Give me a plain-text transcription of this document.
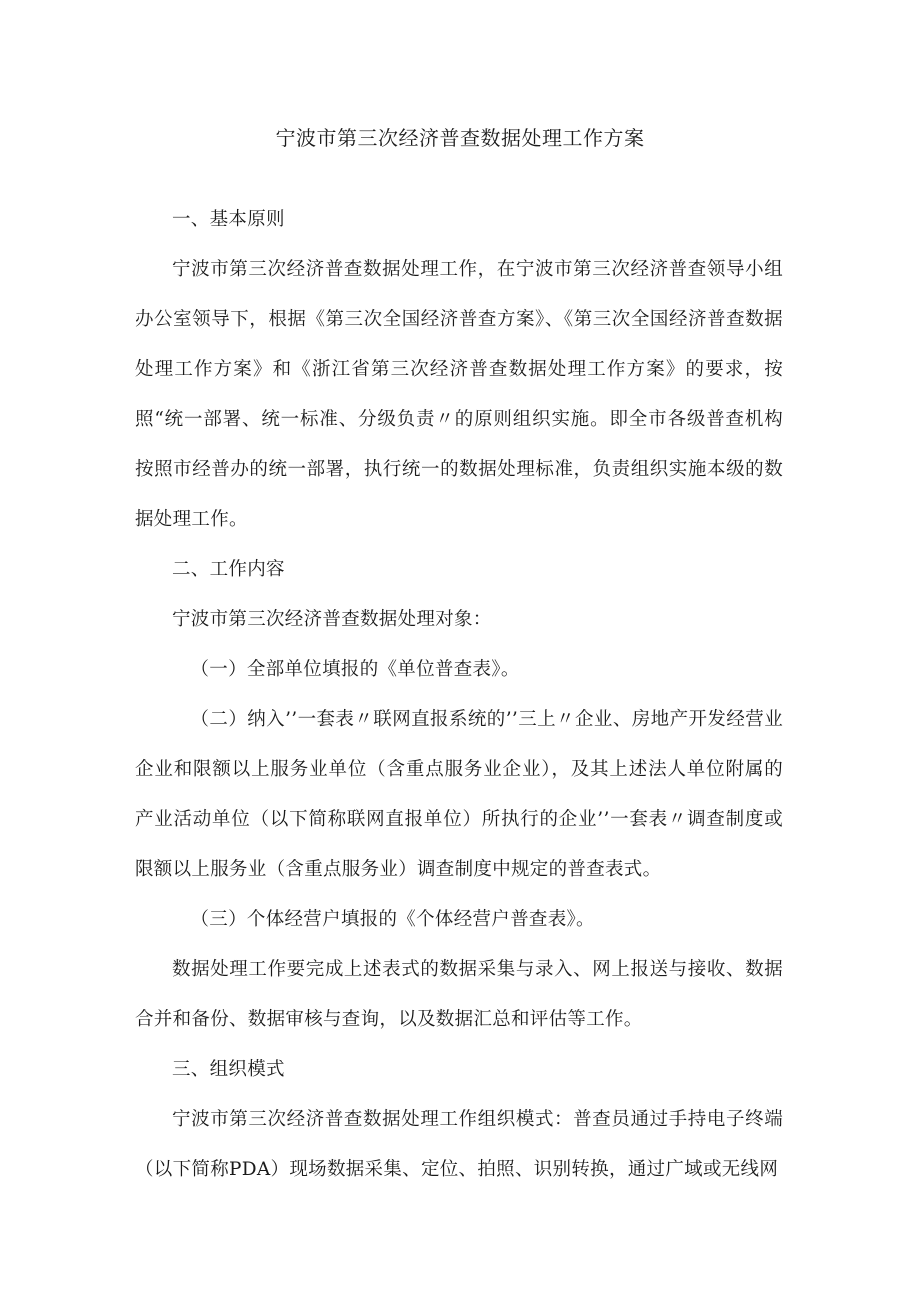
宁波市第三次经济普查数据处理工作方案

一、基本原则

宁波市第三次经济普查数据处理工作，在宁波市第三次经济普查领导小组办公室领导下，根据《第三次全国经济普查方案》、《第三次全国经济普查数据处理工作方案》和《浙江省第三次经济普查数据处理工作方案》的要求，按照“统一部署、统一标准、分级负责〃的原则组织实施。即全市各级普查机构按照市经普办的统一部署，执行统一的数据处理标准，负责组织实施本级的数据处理工作。

二、工作内容

宁波市第三次经济普查数据处理对象：

（一）全部单位填报的《单位普查表》。

（二）纳入’’一套表〃联网直报系统的’’三上〃企业、房地产开发经营业企业和限额以上服务业单位（含重点服务业企业），及其上述法人单位附属的产业活动单位（以下简称联网直报单位）所执行的企业’’一套表〃调查制度或限额以上服务业（含重点服务业）调查制度中规定的普查表式。

（三）个体经营户填报的《个体经营户普查表》。

数据处理工作要完成上述表式的数据采集与录入、网上报送与接收、数据合并和备份、数据审核与查询，以及数据汇总和评估等工作。

三、组织模式

宁波市第三次经济普查数据处理工作组织模式：普查员通过手持电子终端（以下简称PDA）现场数据采集、定位、拍照、识别转换，通过广域或无线网
